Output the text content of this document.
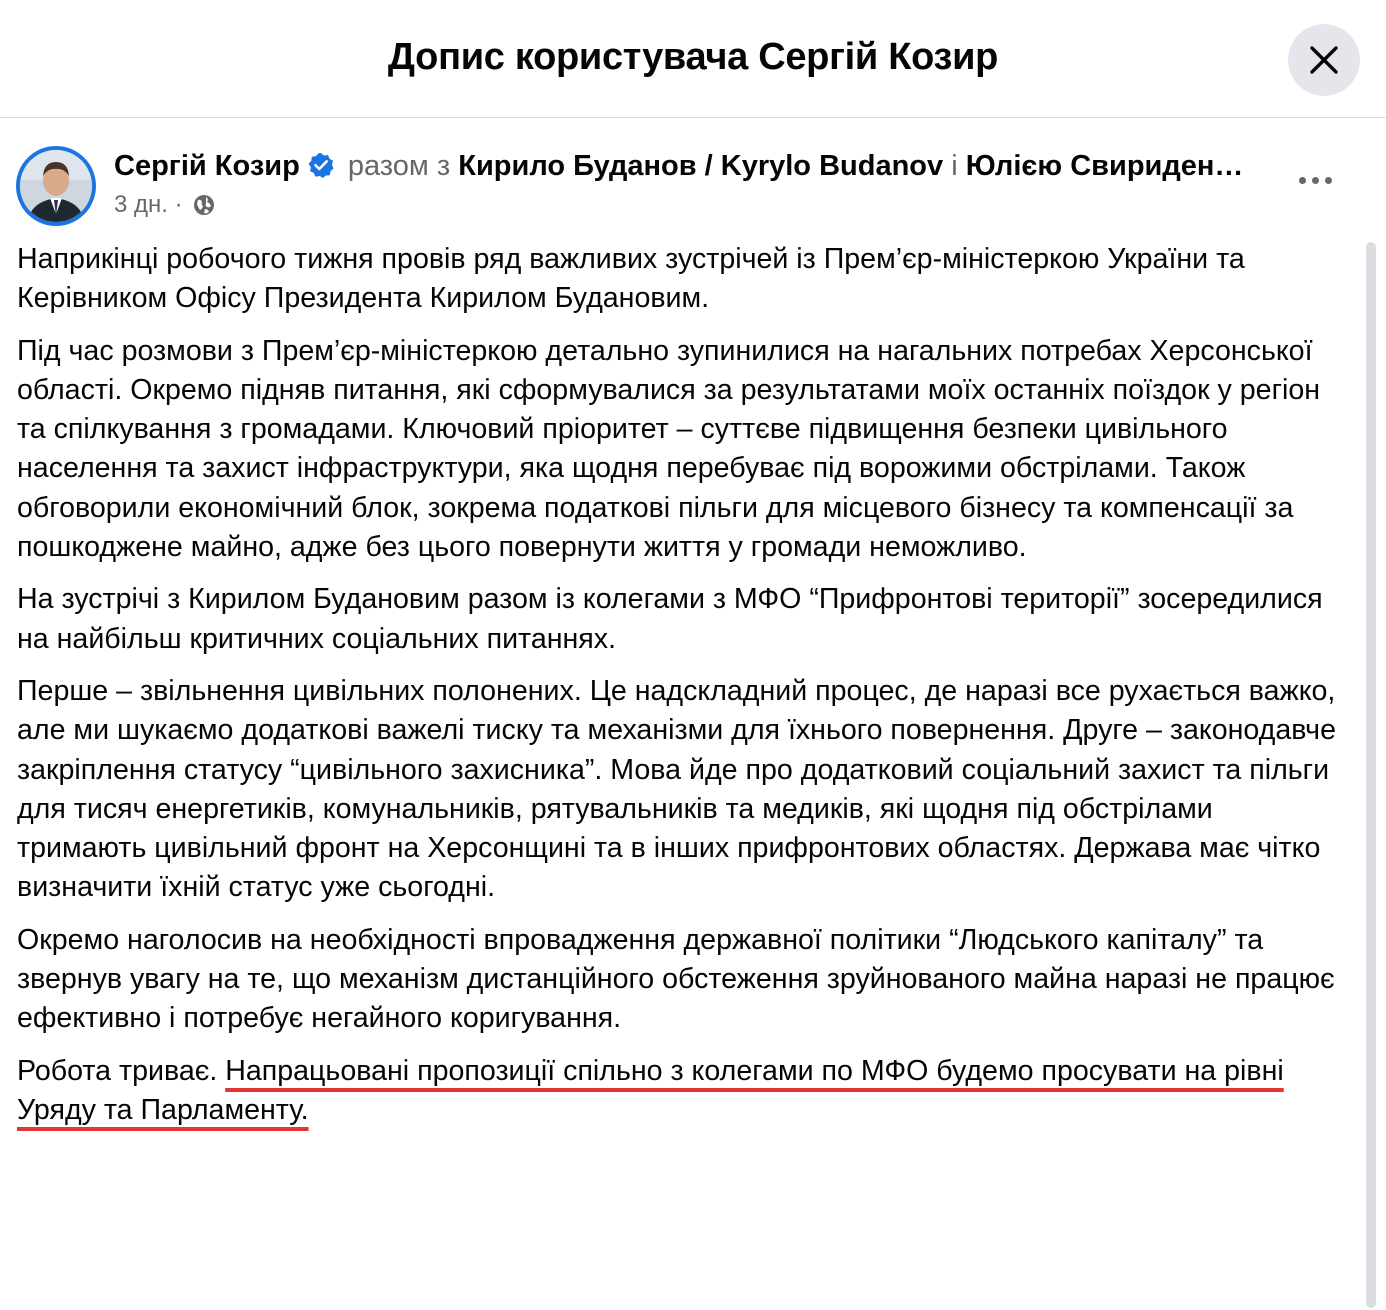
Допис користувача Сергій Козир
Сергій Козир разом з Кирило Буданов / Kyrylo Budanov і Юлією Свириден…
3 дн. ·

Наприкінці робочого тижня провів ряд важливих зустрічей із Прем’єр-міністеркою України та Керівником Офісу Президента Кирилом Будановим.

Під час розмови з Прем’єр-міністеркою детально зупинилися на нагальних потребах Херсонської області. Окремо підняв питання, які сформувалися за результатами моїх останніх поїздок у регіон та спілкування з громадами. Ключовий пріоритет – суттєве підвищення безпеки цивільного населення та захист інфраструктури, яка щодня перебуває під ворожими обстрілами. Також обговорили економічний блок, зокрема податкові пільги для місцевого бізнесу та компенсації за пошкоджене майно, адже без цього повернути життя у громади неможливо.

На зустрічі з Кирилом Будановим разом із колегами з МФО “Прифронтові території” зосередилися на найбільш критичних соціальних питаннях.

Перше – звільнення цивільних полонених. Це надскладний процес, де наразі все рухається важко, але ми шукаємо додаткові важелі тиску та механізми для їхнього повернення. Друге – законодавче закріплення статусу “цивільного захисника”. Мова йде про додатковий соціальний захист та пільги для тисяч енергетиків, комунальників, рятувальників та медиків, які щодня під обстрілами тримають цивільний фронт на Херсонщині та в інших прифронтових областях. Держава має чітко визначити їхній статус уже сьогодні.

Окремо наголосив на необхідності впровадження державної політики “Людського капіталу” та звернув увагу на те, що механізм дистанційного обстеження зруйнованого майна наразі не працює ефективно і потребує негайного коригування.

Робота триває. Напрацьовані пропозиції спільно з колегами по МФО будемо просувати на рівні Уряду та Парламенту.
